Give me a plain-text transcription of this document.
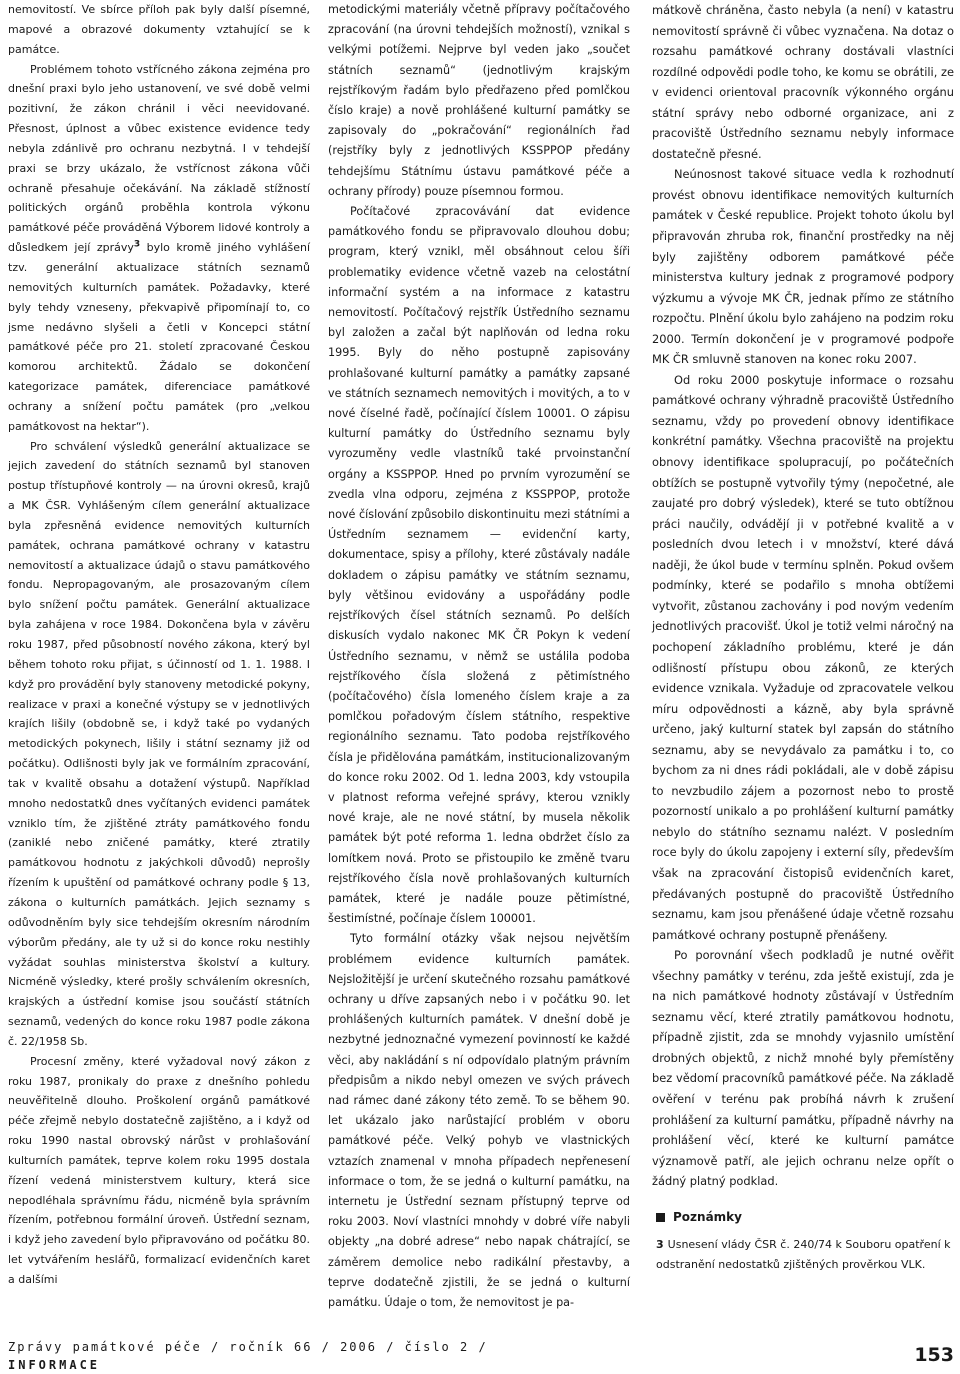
nemovitostí. Ve sbírce příloh pak byly další písemné, mapové a obrazové dokumenty vztahující se k památce.

Problémem tohoto vstřícného zákona zejména pro dnešní praxi bylo jeho ustanovení, ve své době velmi pozitivní, že zákon chránil i věci neevidované. Přesnost, úplnost a vůbec existence evidence tedy nebyla zdánlivě pro ochranu nezbytná. I v tehdejší praxi se brzy ukázalo, že vstřícnost zákona vůči ochraně přesahuje očekávání. Na základě stížností politických orgánů proběhla kontrola výkonu památkové péče prováděná Výborem lidové kontroly a důsledkem její zprávy$^3$ bylo kromě jiného vyhlášení tzv. generální aktualizace státních seznamů nemovitých kulturních památek. Požadavky, které byly tehdy vzneseny, překvapivě připomínají to, co jsme nedávno slyšeli a četli v Koncepci státní památkové péče pro 21. století zpracované Českou komorou architektů. Žádalo se dokončení kategorizace památek, diferenciace památkové ochrany a snížení počtu památek (pro „velkou památkovost na hektar“).

Pro schválení výsledků generální aktualizace se jejich zavedení do státních seznamů byl stanoven postup třístupňové kontroly — na úrovni okresů, krajů a MK ČSR. Vyhlášeným cílem generální aktualizace byla zpřesněná evidence nemovitých kulturních památek, ochrana památkové ochrany v katastru nemovitostí a aktualizace údajů o stavu památkového fondu. Nepropagovaným, ale prosazovaným cílem bylo snížení počtu památek. Generální aktualizace byla zahájena v roce 1984. Dokončena byla v závěru roku 1987, před působností nového zákona, který byl během tohoto roku přijat, s účinností od 1. 1. 1988. I když pro provádění byly stanoveny metodické pokyny, realizace v praxi a konečné výstupy se v jednotlivých krajích lišily (obdobně se, i když také po vydaných metodických pokynech, lišily i státní seznamy již od počátku). Odlišnosti byly jak ve formálním zpracování, tak v kvalitě obsahu a dotažení výstupů. Například mnoho nedostatků dnes vyčítaných evidenci památek vzniklo tím, že zjištěné ztráty památkového fondu (zaniklé nebo zničené památky, které ztratily památkovou hodnotu z jakýchkoli důvodů) neprošly řízením k upuštění od památkové ochrany podle § 13, zákona o kulturních památkách. Jejich seznamy s odůvodněním byly sice tehdejším okresním národním výborům předány, ale ty už si do konce roku nestihly vyžádat souhlas ministerstva školství a kultury. Nicméně výsledky, které prošly schválením okresních, krajských a ústřední komise jsou součástí státních seznamů, vedených do konce roku 1987 podle zákona č. 22/1958 Sb.

Procesní změny, které vyžadoval nový zákon z roku 1987, pronikaly do praxe z dnešního pohledu neuvěřitelně dlouho. Proškolení orgánů památkové péče zřejmě nebylo dostatečně zajištěno, a i když od roku 1990 nastal obrovský nárůst v prohlašování kulturních památek, teprve kolem roku 1995 dostala řízení vedená ministerstvem kultury, která sice nepodléhala správnímu řádu, nicméně byla správním řízením, potřebnou formální úroveň. Ústřední seznam, i když jeho zavedení bylo připravováno od počátku 80. let vytvářením heslářů, formalizací evidenčních karet a dalšími

metodickými materiály včetně přípravy počítačového zpracování (na úrovni tehdejších možností), vznikal s velkými potížemi. Nejprve byl veden jako „součet státních seznamů“ (jednotlivým krajským rejstříkovým řadám bylo předřazeno před pomlčkou číslo kraje) a nově prohlášené kulturní památky se zapisovaly do „pokračování“ regionálních řad (rejstříky byly z jednotlivých KSSPPOP předány tehdejšímu Státnímu ústavu památkové péče a ochrany přírody) pouze písemnou formou.

Počítačové zpracovávání dat evidence památkového fondu se připravovalo dlouhou dobu; program, který vznikl, měl obsáhnout celou šíři problematiky evidence včetně vazeb na celostátní informační systém a na informace z katastru nemovitostí. Počítačový rejstřík Ústředního seznamu byl založen a začal být naplňován od ledna roku 1995. Byly do něho postupně zapisovány prohlašované kulturní památky a památky zapsané ve státních seznamech nemovitých i movitých, a to v nové číselné řadě, počínající číslem 10001. O zápisu kulturní památky do Ústředního seznamu byly vyrozuměny vedle vlastníků také prvoinstanční orgány a KSSPPOP. Hned po prvním vyrozumění se zvedla vlna odporu, zejména z KSSPPOP, protože nové číslování způsobilo diskontinuitu mezi státními a Ústředním seznamem — evidenční karty, dokumentace, spisy a přílohy, které zůstávaly nadále dokladem o zápisu památky ve státním seznamu, byly většinou evidovány a uspořádány podle rejstříkových čísel státních seznamů. Po delších diskusích vydalo nakonec MK ČR Pokyn k vedení Ústředního seznamu, v němž se ustálila podoba rejstříkového čísla složená z pětimístného (počítačového) čísla lomeného číslem kraje a za pomlčkou pořadovým číslem státního, respektive regionálního seznamu. Tato podoba rejstříkového čísla je přidělována památkám, institucionalizovaným do konce roku 2002. Od 1. ledna 2003, kdy vstoupila v platnost reforma veřejné správy, kterou vznikly nové kraje, ale ne nové státní, by musela několik památek být poté reforma 1. ledna obdržet číslo za lomítkem nová. Proto se přistoupilo ke změně tvaru rejstříkového čísla nově prohlašovaných kulturních památek, které je nadále pouze pětimístné, šestimístné, počínaje číslem 100001.

Tyto formální otázky však nejsou největším problémem evidence kulturních památek. Nejsložitější je určení skutečného rozsahu památkové ochrany u dříve zapsaných nebo i v počátku 90. let prohlášených kulturních památek. V dnešní době je nezbytné jednoznačné vymezení povinností ke každé věci, aby nakládání s ní odpovídalo platným právním předpisům a nikdo nebyl omezen ve svých právech nad rámec dané zákony této země. To se během 90. let ukázalo jako narůstající problém v oboru památkové péče. Velký pohyb ve vlastnických vztazích znamenal v mnoha případech nepřenesení informace o tom, že se jedná o kulturní památku, na internetu je Ústřední seznam přístupný teprve od roku 2003. Noví vlastníci mnohdy v dobré víře nabyli objekty „na dobré adrese“ nebo napak chátrající, se záměrem demolice nebo radikální přestavby, a teprve dodatečně zjistili, že se jedná o kulturní památku. Údaje o tom, že nemovitost je pa-

mátkově chráněna, často nebyla (a není) v katastru nemovitostí správně či vůbec vyznačena. Na dotaz o rozsahu památkové ochrany dostávali vlastníci rozdílné odpovědi podle toho, ke komu se obrátili, ze v evidenci orientoval pracovník výkonného orgánu státní správy nebo odborné organizace, ani z pracoviště Ústředního seznamu nebyly informace dostatečně přesné.

Neúnosnost takové situace vedla k rozhodnutí provést obnovu identifikace nemovitých kulturních památek v České republice. Projekt tohoto úkolu byl připravován zhruba rok, finanční prostředky na něj byly zajištěny odborem památkové péče ministerstva kultury jednak z programové podpory výzkumu a vývoje MK ČR, jednak přímo ze státního rozpočtu. Plnění úkolu bylo zahájeno na podzim roku 2000. Termín dokončení je v programové podpoře MK ČR smluvně stanoven na konec roku 2007.

Od roku 2000 poskytuje informace o rozsahu památkové ochrany výhradně pracoviště Ústředního seznamu, vždy po provedení obnovy identifikace konkrétní památky. Všechna pracoviště na projektu obnovy identifikace spolupracují, po počátečních obtížích se postupně vytvořily týmy (nepočetné, ale zaujaté pro dobrý výsledek), které se tuto obtížnou práci naučily, odvádějí ji v potřebné kvalitě a v posledních dvou letech i v množství, které dává naději, že úkol bude v termínu splněn. Pokud ovšem podmínky, které se podařilo s mnoha obtížemi vytvořit, zůstanou zachovány i pod novým vedením jednotlivých pracovišť. Úkol je totiž velmi náročný na pochopení základního problému, které je dán odlišností přístupu obou zákonů, ze kterých evidence vznikala. Vyžaduje od zpracovatele velkou míru odpovědnosti a kázně, aby byla správně určeno, jaký kulturní statek byl zapsán do státního seznamu, aby se nevydávalo za památku i to, co bychom za ni dnes rádi pokládali, ale v době zápisu to nevzbudilo zájem a pozornost nebo to prostě pozorností unikalo a po prohlášení kulturní památky nebylo do státního seznamu nalézt. V posledním roce byly do úkolu zapojeny i externí síly, především však na zpracování čistopisů evidenčních karet, předávaných postupně do pracoviště Ústředního seznamu, kam jsou přenášené údaje včetně rozsahu památkové ochrany postupně přenášeny.

Po porovnání všech podkladů je nutné ověřit všechny památky v terénu, zda ještě existují, zda je na nich památkové hodnoty zůstávají v Ústředním seznamu věcí, které ztratily památkovou hodnotu, případně zjistit, zda se mnohdy vyjasnilo umístění drobných objektů, z nichž mnohé byly přemístěny bez vědomí pracovníků památkové péče. Na základě ověření v terénu pak probíhá návrh k zrušení prohlášení za kulturní památku, případně návrhy na prohlášení věcí, které ke kulturní památce významově patří, ale jejich ochranu nelze opřít o žádný platný podklad.

Poznámky
3 Usnesení vlády ČSR č. 240/74 k Souboru opatření k odstranění nedostatků zjištěných prověrkou VLK.
Zprávy památkové péče / ročník 66 / 2006 / číslo 2 /
INFORMACE	153
